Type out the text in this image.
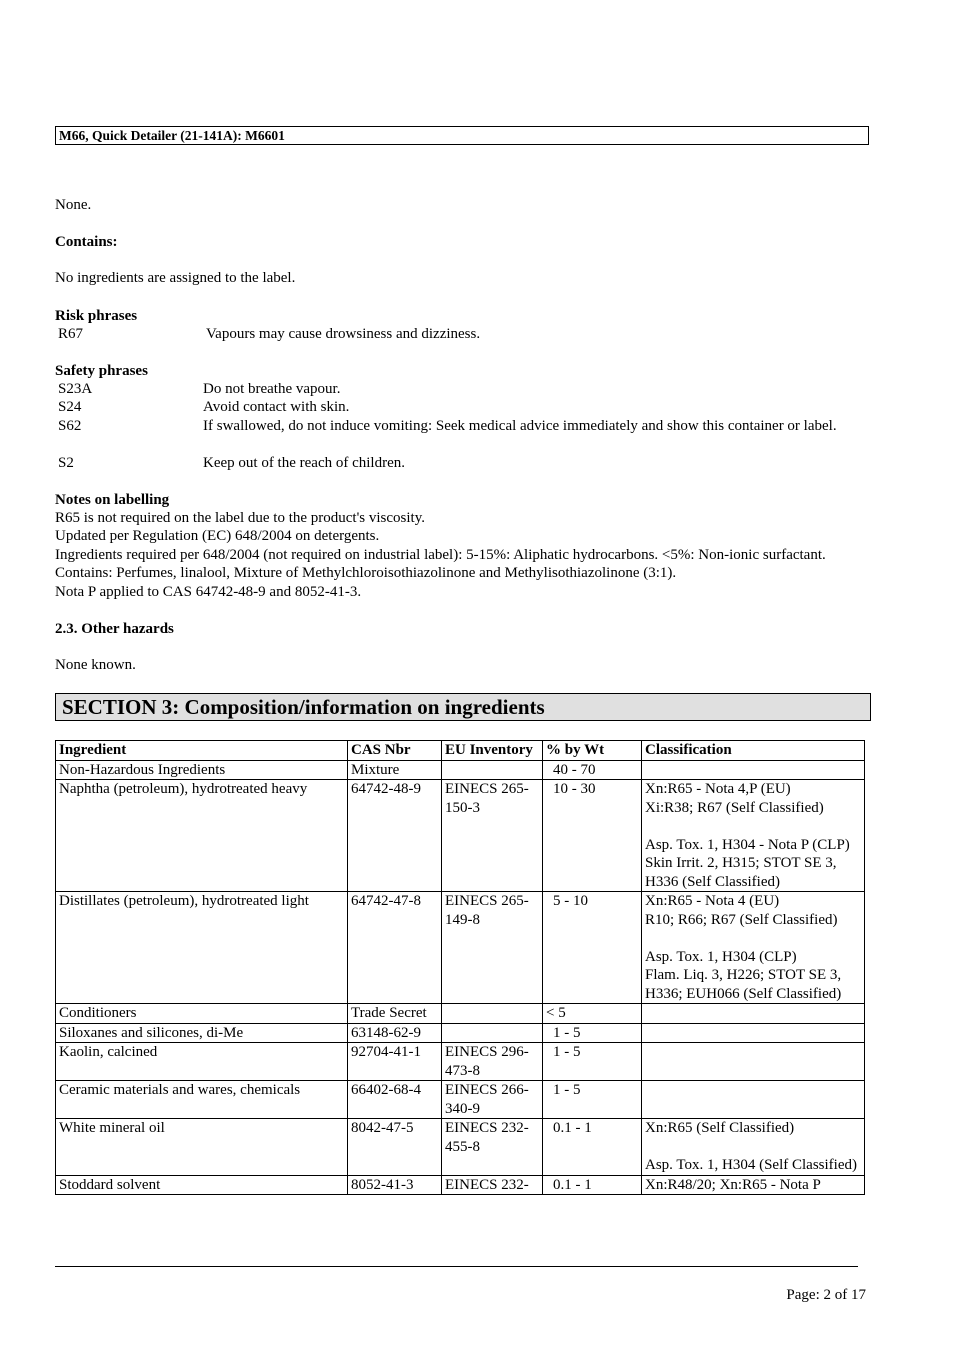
M66, Quick Detailer (21-141A): M6601
None.
Contains:
No ingredients are assigned to the label.
Risk phrases
R67	Vapours may cause drowsiness and dizziness.
Safety phrases
S23A	Do not breathe vapour.
S24	Avoid contact with skin.
S62	If swallowed, do not induce vomiting: Seek medical advice immediately and show this container or label.
S2	Keep out of the reach of children.
Notes on labelling
R65 is not required on the label due to the product's viscosity.
Updated per Regulation (EC) 648/2004 on detergents.
Ingredients required per 648/2004 (not required on industrial label): 5-15%: Aliphatic hydrocarbons. <5%: Non-ionic surfactant. Contains: Perfumes, linalool, Mixture of Methylchloroisothiazolinone and Methylisothiazolinone (3:1).
Nota P applied to CAS 64742-48-9 and 8052-41-3.
2.3. Other hazards
None known.
SECTION 3: Composition/information on ingredients
Ingredient	CAS Nbr	EU Inventory	% by Wt	Classification
Non-Hazardous Ingredients	Mixture		40 - 70	
Naphtha (petroleum), hydrotreated heavy	64742-48-9	EINECS 265-150-3	10 - 30	Xn:R65 - Nota 4,P (EU)
Xi:R38; R67 (Self Classified)
Asp. Tox. 1, H304 - Nota P (CLP)
Skin Irrit. 2, H315; STOT SE 3, H336 (Self Classified)

Distillates (petroleum), hydrotreated light	64742-47-8	EINECS 265-149-8	5 - 10	Xn:R65 - Nota 4 (EU)
R10; R66; R67 (Self Classified)
Asp. Tox. 1, H304 (CLP)
Flam. Liq. 3, H226; STOT SE 3, H336; EUH066 (Self Classified)

Conditioners	Trade Secret		< 5	
Siloxanes and silicones, di-Me	63148-62-9		1 - 5	
Kaolin, calcined	92704-41-1	EINECS 296-473-8	1 - 5	
Ceramic materials and wares, chemicals	66402-68-4	EINECS 266-340-9	1 - 5	
White mineral oil	8042-47-5	EINECS 232-455-8	0.1 - 1	Xn:R65 (Self Classified)
Asp. Tox. 1, H304 (Self Classified)

Stoddard solvent	8052-41-3	EINECS 232-	0.1 - 1	Xn:R48/20; Xn:R65 - Nota P
Page: 2 of 17
